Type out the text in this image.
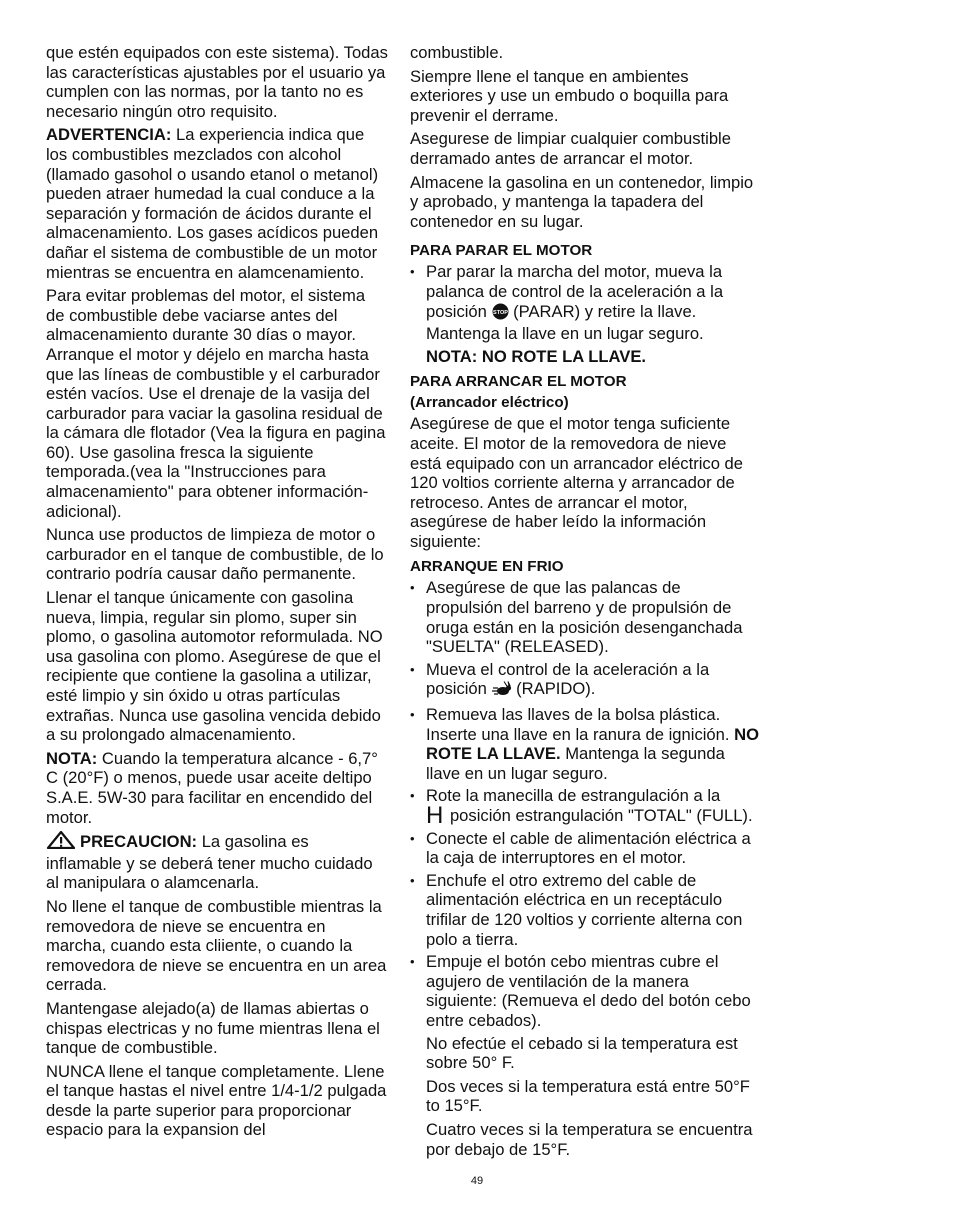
que estén equipados con este sistema). Todas las características ajustables por el usuario ya cumplen con las normas, por la tanto no es necesario ningún otro requisito.

ADVERTENCIA: La experiencia indica que los combustibles mezclados con alcohol (llamado gasohol o usando etanol o metanol) pueden atraer humedad la cual conduce a la separación y formación de ácidos durante el almacenamiento. Los gases acídicos pueden dañar el sistema de combustible de un motor mientras se encuentra en alamcenamiento.

Para evitar problemas del motor, el sistema de combustible debe vaciarse antes del almacenamiento durante 30 días o mayor. Arranque el motor y déjelo en marcha hasta que las líneas de combustible y el carburador estén vacíos. Use el drenaje de la vasija del carburador para vaciar la gasolina residual de la cámara dle flotador (Vea la figura en pagina 60). Use gasolina fresca la siguiente temporada.(vea la "Instrucciones para almacenamiento" para obtener información-adicional).

Nunca use productos de limpieza de motor o carburador en el tanque de combustible, de lo contrario podría causar daño permanente.

Llenar el tanque únicamente con gasolina nueva, limpia, regular sin plomo, super sin plomo, o gasolina automotor reformulada. NO usa gasolina con plomo. Asegúrese de que el recipiente que contiene la gasolina a utilizar, esté limpio y sin óxido u otras partículas extrañas. Nunca use gasolina vencida debido a su prolongado almacenamiento.

NOTA: Cuando la temperatura alcance - 6,7° C (20°F) o menos, puede usar aceite deltipo S.A.E. 5W-30 para facilitar en encendido del motor.

PRECAUCION: La gasolina es inflamable y se deberá tener mucho cuidado al manipulara o alamcenarla.

No llene el tanque de combustible mientras la removedora de nieve se encuentra en marcha, cuando esta cliiente, o cuando la removedora de nieve se encuentra en un area cerrada.

Mantengase alejado(a) de llamas abiertas o chispas electricas y no fume mientras llena el tanque de combustible.

NUNCA llene el tanque completamente. Llene el tanque hastas el nivel entre 1/4-1/2 pulgada desde la parte superior para proporcionar espacio para la expansion del

combustible.

Siempre llene el tanque en ambientes exteriores y use un embudo o boquilla para prevenir el derrame.

Asegurese de limpiar cualquier combustible derramado antes de arrancar el motor.

Almacene la gasolina en un contenedor, limpio y aprobado, y mantenga la tapadera del contenedor en su lugar.

PARA PARAR EL MOTOR
• Par parar la marcha del motor, mueva la palanca de control de la aceleración a la posición STOP (PARAR) y retire la llave. Mantenga la llave en un lugar seguro.
NOTA: NO ROTE LA LLAVE.
PARA ARRANCAR EL MOTOR
(Arrancador eléctrico)

Asegúrese de que el motor tenga suficiente aceite. El motor de la removedora de nieve está equipado con un arrancador eléctrico de 120 voltios corriente alterna y arrancador de retroceso. Antes de arrancar el motor, asegúrese de haber leído la información siguiente:

ARRANQUE EN FRIO
• Asegúrese de que las palancas de propulsión del barreno y de propulsión de oruga están en la posición desenganchada "SUELTA" (RELEASED).
• Mueva el control de la aceleración a la posición  (RAPIDO).
• Remueva las llaves de la bolsa plástica. Inserte una llave en la ranura de ignición. NO ROTE LA LLAVE. Mantenga la segunda llave en un lugar seguro.
• Rote la manecilla de estrangulación a la
H posición estrangulación "TOTAL" (FULL).
• Conecte el cable de alimentación eléctrica a la caja de interruptores en el motor.
• Enchufe el otro extremo del cable de alimentación eléctrica en un receptáculo trifilar de 120 voltios y corriente alterna con polo a tierra.
• Empuje el botón cebo mientras cubre el agujero de ventilación de la manera siguiente: (Remueva el dedo del botón cebo entre cebados).

No efectúe el cebado si la temperatura est sobre 50° F.

Dos veces si la temperatura está entre 50°F to 15°F.

Cuatro veces si la temperatura se encuentra por debajo de 15°F.

49
